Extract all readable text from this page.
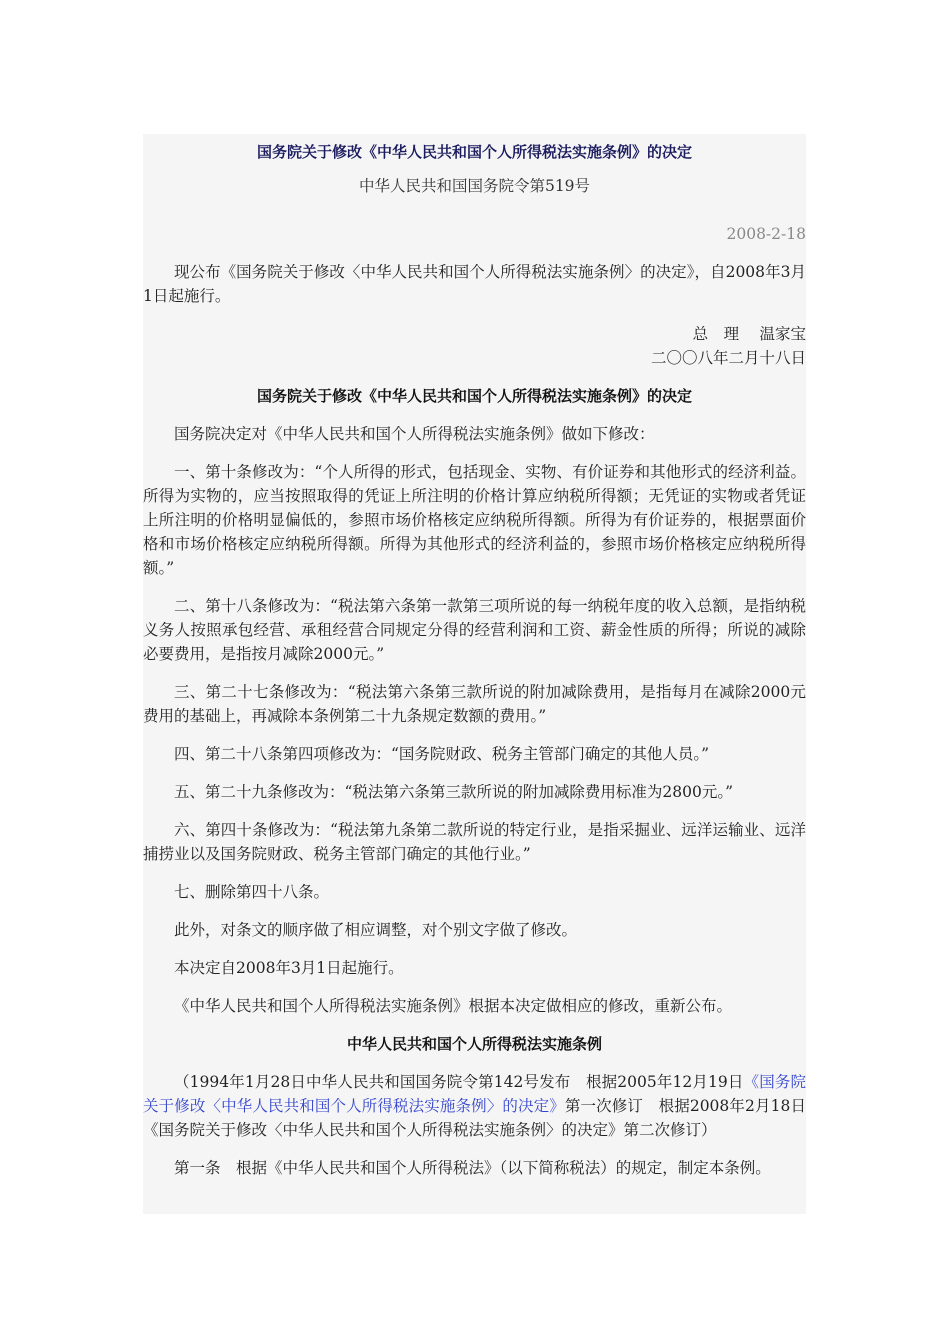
国务院关于修改《中华人民共和国个人所得税法实施条例》的决定
中华人民共和国国务院令第519号
2008-2-18

现公布《国务院关于修改〈中华人民共和国个人所得税法实施条例〉的决定》，自2008年3月1日起施行。

总　理　 温家宝

二〇〇八年二月十八日

国务院关于修改《中华人民共和国个人所得税法实施条例》的决定

国务院决定对《中华人民共和国个人所得税法实施条例》做如下修改：

一、第十条修改为：“个人所得的形式，包括现金、实物、有价证券和其他形式的经济利益。所得为实物的，应当按照取得的凭证上所注明的价格计算应纳税所得额；无凭证的实物或者凭证上所注明的价格明显偏低的，参照市场价格核定应纳税所得额。所得为有价证券的，根据票面价格和市场价格核定应纳税所得额。所得为其他形式的经济利益的，参照市场价格核定应纳税所得额。”

二、第十八条修改为：“税法第六条第一款第三项所说的每一纳税年度的收入总额，是指纳税义务人按照承包经营、承租经营合同规定分得的经营利润和工资、薪金性质的所得；所说的减除必要费用，是指按月减除2000元。”

三、第二十七条修改为：“税法第六条第三款所说的附加减除费用，是指每月在减除2000元费用的基础上，再减除本条例第二十九条规定数额的费用。”

四、第二十八条第四项修改为：“国务院财政、税务主管部门确定的其他人员。”

五、第二十九条修改为：“税法第六条第三款所说的附加减除费用标准为2800元。”

六、第四十条修改为：“税法第九条第二款所说的特定行业，是指采掘业、远洋运输业、远洋捕捞业以及国务院财政、税务主管部门确定的其他行业。”

七、删除第四十八条。

此外，对条文的顺序做了相应调整，对个别文字做了修改。

本决定自2008年3月1日起施行。

《中华人民共和国个人所得税法实施条例》根据本决定做相应的修改，重新公布。

中华人民共和国个人所得税法实施条例

（1994年1月28日中华人民共和国国务院令第142号发布　根据2005年12月19日《国务院关于修改〈中华人民共和国个人所得税法实施条例〉的决定》第一次修订　根据2008年2月18日《国务院关于修改〈中华人民共和国个人所得税法实施条例〉的决定》第二次修订）

第一条　根据《中华人民共和国个人所得税法》（以下简称税法）的规定，制定本条例。
